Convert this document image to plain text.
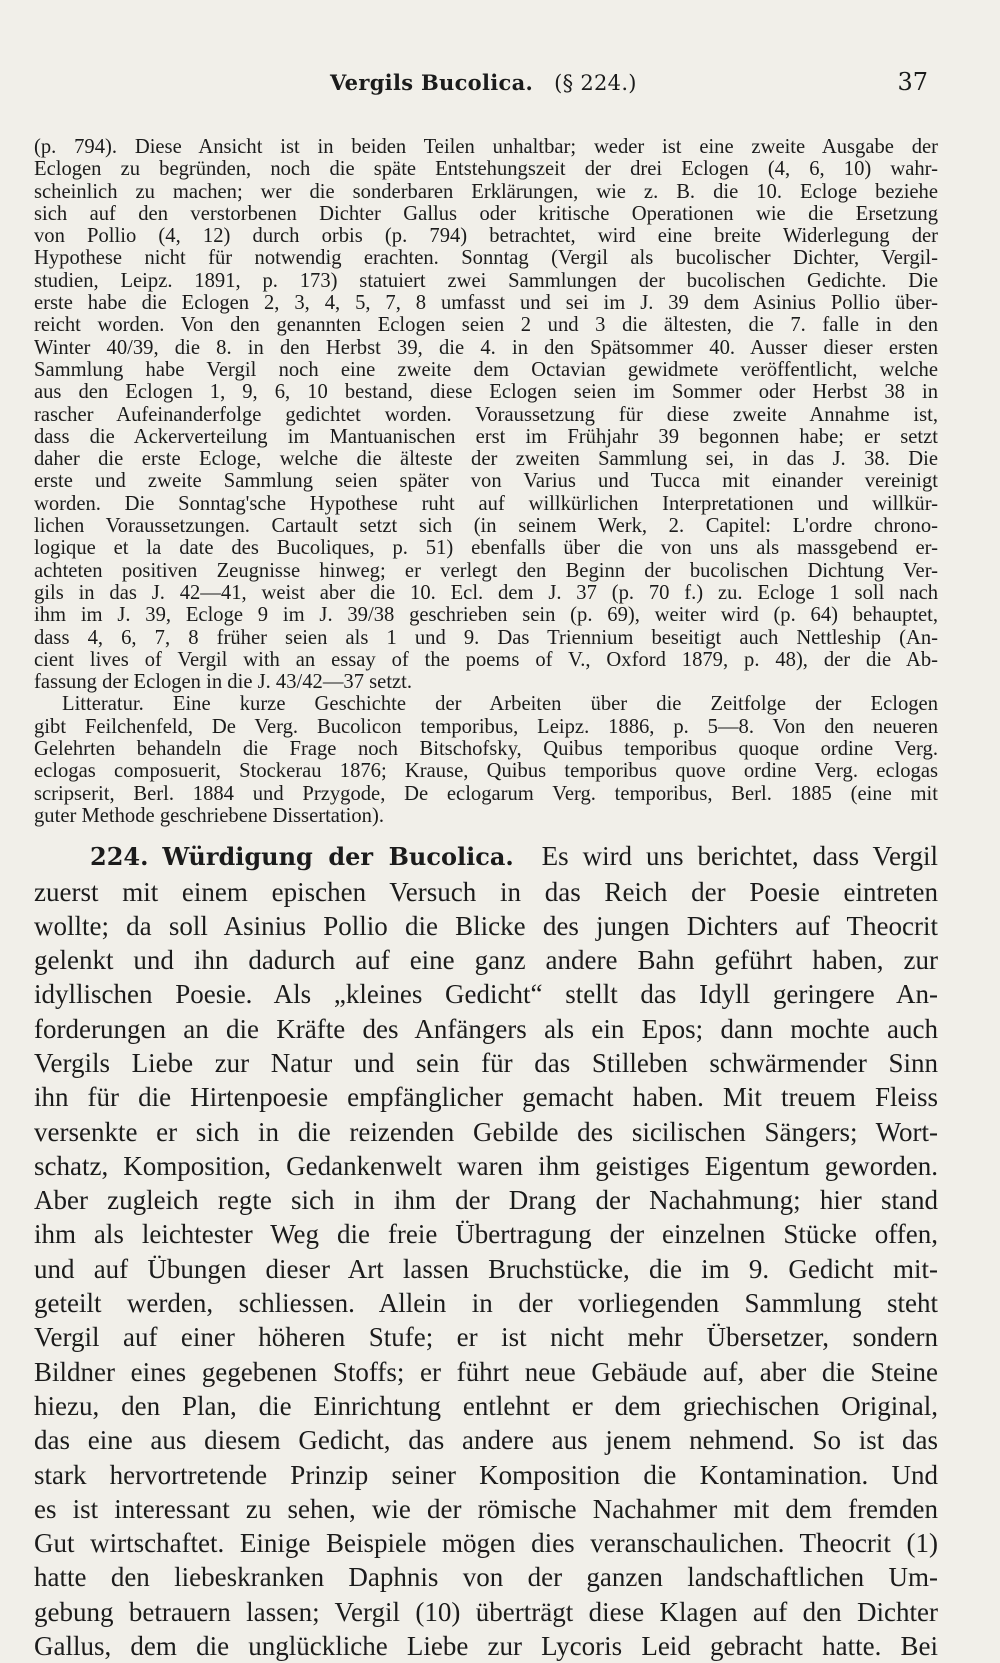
Vergils Bucolica. (§ 224.)	37

(p. 794). Diese Ansicht ist in beiden Teilen unhaltbar; weder ist eine zweite Ausgabe der
Eclogen zu begründen, noch die späte Entstehungszeit der drei Eclogen (4, 6, 10) wahr-
scheinlich zu machen; wer die sonderbaren Erklärungen, wie z. B. die 10. Ecloge beziehe
sich auf den verstorbenen Dichter Gallus oder kritische Operationen wie die Ersetzung
von Pollio (4, 12) durch orbis (p. 794) betrachtet, wird eine breite Widerlegung der
Hypothese nicht für notwendig erachten. Sonntag (Vergil als bucolischer Dichter, Vergil-
studien, Leipz. 1891, p. 173) statuiert zwei Sammlungen der bucolischen Gedichte. Die
erste habe die Eclogen 2, 3, 4, 5, 7, 8 umfasst und sei im J. 39 dem Asinius Pollio über-
reicht worden. Von den genannten Eclogen seien 2 und 3 die ältesten, die 7. falle in den
Winter 40/39, die 8. in den Herbst 39, die 4. in den Spätsommer 40. Ausser dieser ersten
Sammlung habe Vergil noch eine zweite dem Octavian gewidmete veröffentlicht, welche
aus den Eclogen 1, 9, 6, 10 bestand, diese Eclogen seien im Sommer oder Herbst 38 in
rascher Aufeinanderfolge gedichtet worden. Voraussetzung für diese zweite Annahme ist,
dass die Ackerverteilung im Mantuanischen erst im Frühjahr 39 begonnen habe; er setzt
daher die erste Ecloge, welche die älteste der zweiten Sammlung sei, in das J. 38. Die
erste und zweite Sammlung seien später von Varius und Tucca mit einander vereinigt
worden. Die Sonntag'sche Hypothese ruht auf willkürlichen Interpretationen und willkür-
lichen Voraussetzungen. Cartault setzt sich (in seinem Werk, 2. Capitel: L'ordre chrono-
logique et la date des Bucoliques, p. 51) ebenfalls über die von uns als massgebend er-
achteten positiven Zeugnisse hinweg; er verlegt den Beginn der bucolischen Dichtung Ver-
gils in das J. 42—41, weist aber die 10. Ecl. dem J. 37 (p. 70 f.) zu. Ecloge 1 soll nach
ihm im J. 39, Ecloge 9 im J. 39/38 geschrieben sein (p. 69), weiter wird (p. 64) behauptet,
dass 4, 6, 7, 8 früher seien als 1 und 9. Das Triennium beseitigt auch Nettleship (An-
cient lives of Vergil with an essay of the poems of V., Oxford 1879, p. 48), der die Ab-
fassung der Eclogen in die J. 43/42—37 setzt.

Litteratur. Eine kurze Geschichte der Arbeiten über die Zeitfolge der Eclogen
gibt Feilchenfeld, De Verg. Bucolicon temporibus, Leipz. 1886, p. 5—8. Von den neueren
Gelehrten behandeln die Frage noch Bitschofsky, Quibus temporibus quoque ordine Verg.
eclogas composuerit, Stockerau 1876; Krause, Quibus temporibus quove ordine Verg. eclogas
scripserit, Berl. 1884 und Przygode, De eclogarum Verg. temporibus, Berl. 1885 (eine mit
guter Methode geschriebene Dissertation).

224. Würdigung der Bucolica. Es wird uns berichtet, dass Vergil
zuerst mit einem epischen Versuch in das Reich der Poesie eintreten
wollte; da soll Asinius Pollio die Blicke des jungen Dichters auf Theocrit
gelenkt und ihn dadurch auf eine ganz andere Bahn geführt haben, zur
idyllischen Poesie. Als „kleines Gedicht“ stellt das Idyll geringere An-
forderungen an die Kräfte des Anfängers als ein Epos; dann mochte auch
Vergils Liebe zur Natur und sein für das Stilleben schwärmender Sinn
ihn für die Hirtenpoesie empfänglicher gemacht haben. Mit treuem Fleiss
versenkte er sich in die reizenden Gebilde des sicilischen Sängers; Wort-
schatz, Komposition, Gedankenwelt waren ihm geistiges Eigentum geworden.
Aber zugleich regte sich in ihm der Drang der Nachahmung; hier stand
ihm als leichtester Weg die freie Übertragung der einzelnen Stücke offen,
und auf Übungen dieser Art lassen Bruchstücke, die im 9. Gedicht mit-
geteilt werden, schliessen. Allein in der vorliegenden Sammlung steht
Vergil auf einer höheren Stufe; er ist nicht mehr Übersetzer, sondern
Bildner eines gegebenen Stoffs; er führt neue Gebäude auf, aber die Steine
hiezu, den Plan, die Einrichtung entlehnt er dem griechischen Original,
das eine aus diesem Gedicht, das andere aus jenem nehmend. So ist das
stark hervortretende Prinzip seiner Komposition die Kontamination. Und
es ist interessant zu sehen, wie der römische Nachahmer mit dem fremden
Gut wirtschaftet. Einige Beispiele mögen dies veranschaulichen. Theocrit (1)
hatte den liebeskranken Daphnis von der ganzen landschaftlichen Um-
gebung betrauern lassen; Vergil (10) überträgt diese Klagen auf den Dichter
Gallus, dem die unglückliche Liebe zur Lycoris Leid gebracht hatte. Bei
